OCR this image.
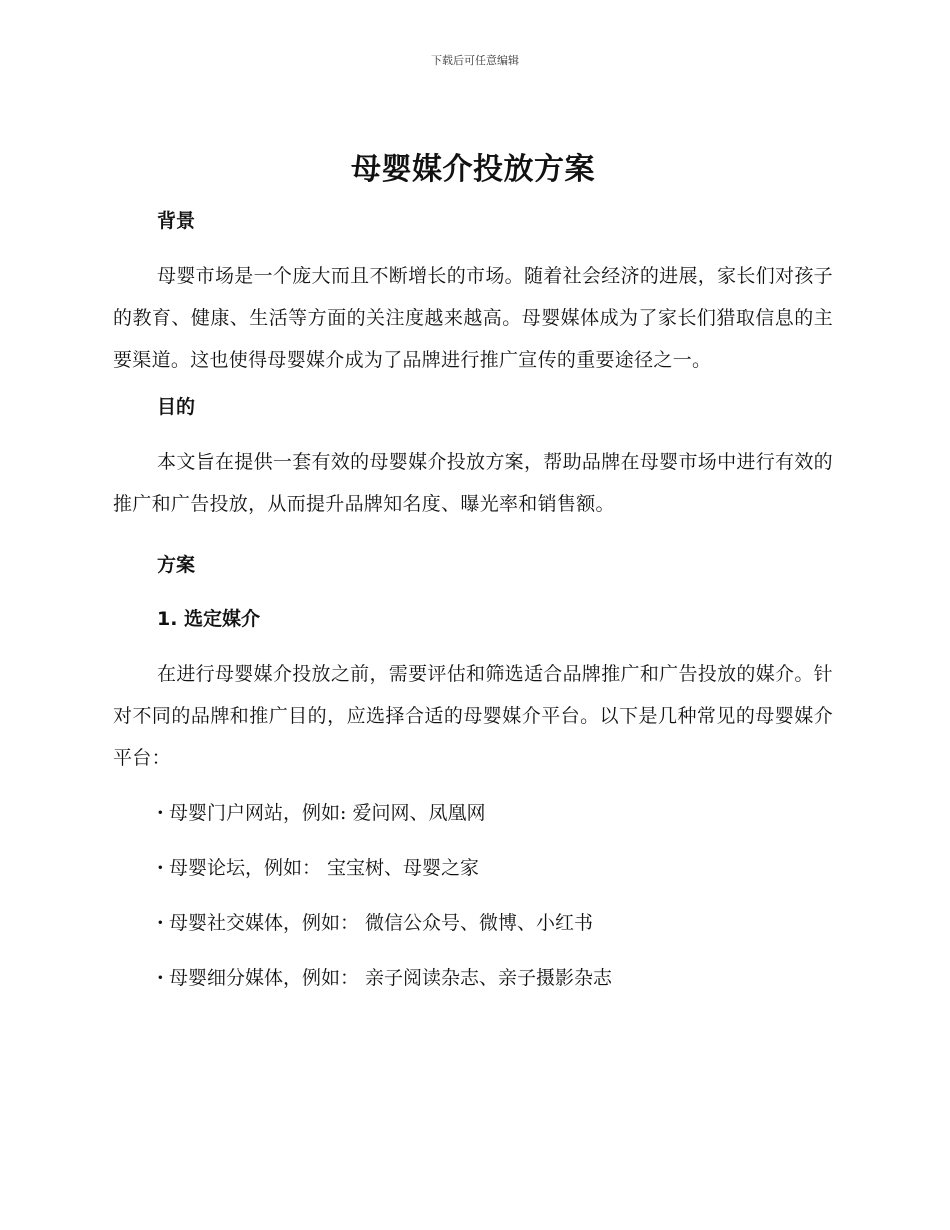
下载后可任意编辑
母婴媒介投放方案
背景

母婴市场是一个庞大而且不断增长的市场。随着社会经济的进展，家长们对孩子的教育、健康、生活等方面的关注度越来越高。母婴媒体成为了家长们猎取信息的主要渠道。这也使得母婴媒介成为了品牌进行推广宣传的重要途径之一。

目的

本文旨在提供一套有效的母婴媒介投放方案，帮助品牌在母婴市场中进行有效的推广和广告投放，从而提升品牌知名度、曝光率和销售额。

方案
1. 选定媒介

在进行母婴媒介投放之前，需要评估和筛选适合品牌推广和广告投放的媒介。针对不同的品牌和推广目的，应选择合适的母婴媒介平台。以下是几种常见的母婴媒介平台：

· 母婴门户网站，例如: 爱问网、凤凰网
· 母婴论坛，例如： 宝宝树、母婴之家
· 母婴社交媒体，例如： 微信公众号、微博、小红书
· 母婴细分媒体，例如： 亲子阅读杂志、亲子摄影杂志
